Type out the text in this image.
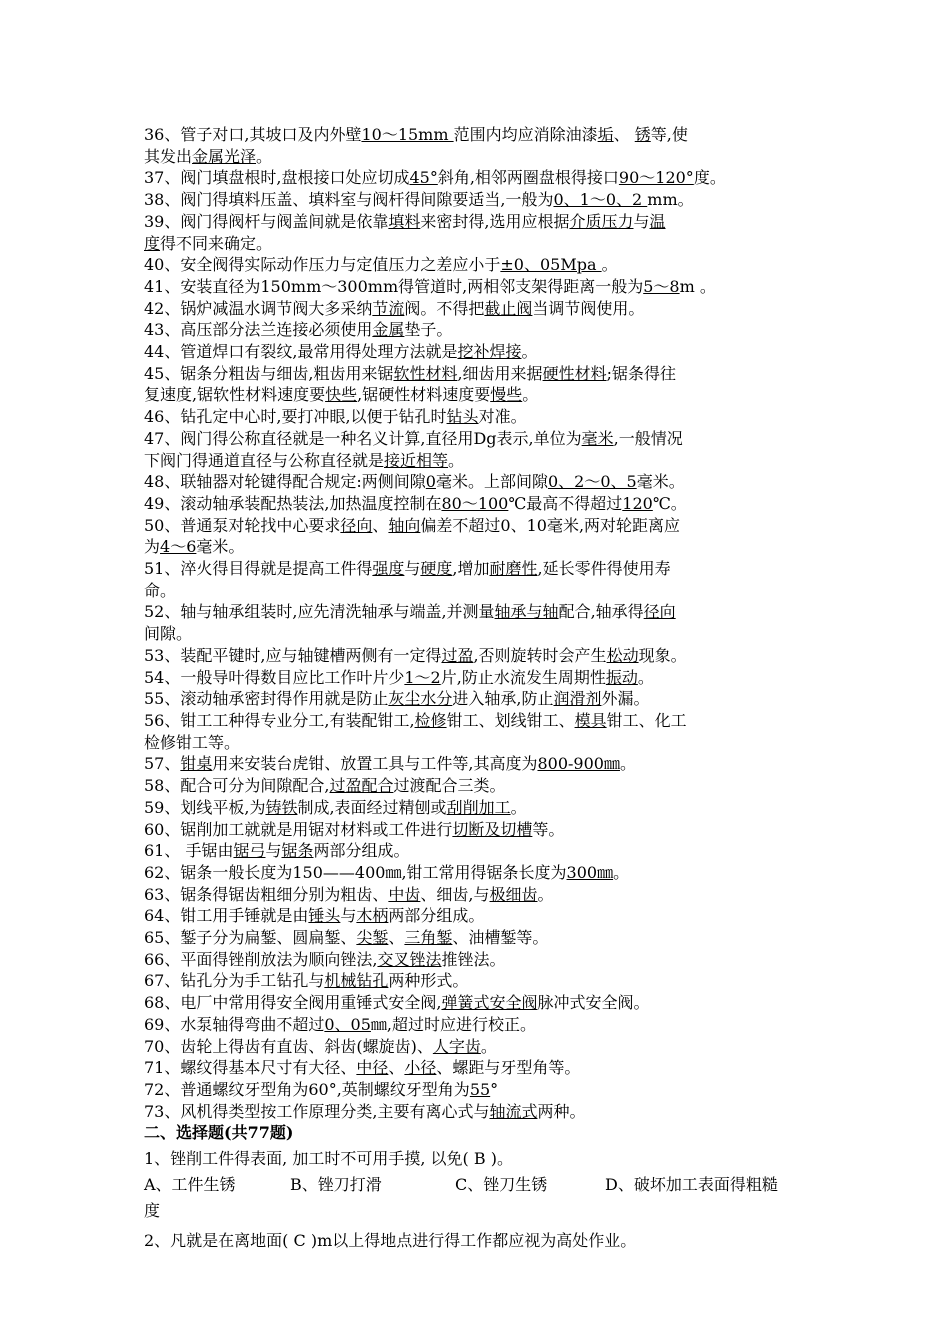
36、管子对口,其坡口及内外壁10～15mm 范围内均应消除油漆垢、 锈等,使
其发出金属光泽。
37、阀门填盘根时,盘根接口处应切成45°斜角,相邻两圈盘根得接口90～120°度。
38、阀门得填料压盖、填料室与阀杆得间隙要适当,一般为0、1～0、2 mm。
39、阀门得阀杆与阀盖间就是依靠填料来密封得,选用应根据介质压力与温
度得不同来确定。
40、安全阀得实际动作压力与定值压力之差应小于±0、05Mpa 。
41、安装直径为150mm～300mm得管道时,两相邻支架得距离一般为5～8m 。
42、锅炉减温水调节阀大多采纳节流阀。不得把截止阀当调节阀使用。
43、高压部分法兰连接必须使用金属垫子。
44、管道焊口有裂纹,最常用得处理方法就是挖补焊接。
45、锯条分粗齿与细齿,粗齿用来锯软性材料,细齿用来据硬性材料;锯条得往
复速度,锯软性材料速度要快些,锯硬性材料速度要慢些。
46、钻孔定中心时,要打冲眼,以便于钻孔时钻头对准。
47、阀门得公称直径就是一种名义计算,直径用Dg表示,单位为毫米,一般情况
下阀门得通道直径与公称直径就是接近相等。
48、联轴器对轮键得配合规定:两侧间隙0毫米。上部间隙0、2～0、5毫米。
49、滚动轴承装配热装法,加热温度控制在80～100℃最高不得超过120℃。
50、普通泵对轮找中心要求径向、轴向偏差不超过0、10毫米,两对轮距离应
为4～6毫米。
51、淬火得目得就是提高工件得强度与硬度,增加耐磨性,延长零件得使用寿
命。
52、轴与轴承组装时,应先清洗轴承与端盖,并测量轴承与轴配合,轴承得径向
间隙。
53、装配平键时,应与轴键槽两侧有一定得过盈,否则旋转时会产生松动现象。
54、一般导叶得数目应比工作叶片少1～2片,防止水流发生周期性振动。
55、滚动轴承密封得作用就是防止灰尘水分进入轴承,防止润滑剂外漏。
56、钳工工种得专业分工,有装配钳工,检修钳工、划线钳工、模具钳工、化工
检修钳工等。
57、钳桌用来安装台虎钳、放置工具与工件等,其高度为800-900㎜。
58、配合可分为间隙配合,过盈配合过渡配合三类。
59、划线平板,为铸铁制成,表面经过精刨或刮削加工。
60、锯削加工就就是用锯对材料或工件进行切断及切槽等。
61、 手锯由锯弓与锯条两部分组成。
62、锯条一般长度为150——400㎜,钳工常用得锯条长度为300㎜。
63、锯条得锯齿粗细分别为粗齿、中齿、细齿,与极细齿。
64、钳工用手锤就是由锤头与木柄两部分组成。
65、錾子分为扁錾、圆扁錾、尖錾、三角錾、油槽錾等。
66、平面得锉削放法为顺向锉法,交叉锉法推锉法。
67、钻孔分为手工钻孔与机械钻孔两种形式。
68、电厂中常用得安全阀用重锤式安全阀,弹簧式安全阀脉冲式安全阀。
69、水泵轴得弯曲不超过0、05㎜,超过时应进行校正。
70、齿轮上得齿有直齿、斜齿(螺旋齿)、人字齿。
71、螺纹得基本尺寸有大径、中径、小径、螺距与牙型角等。
72、普通螺纹牙型角为60°,英制螺纹牙型角为55°
73、风机得类型按工作原理分类,主要有离心式与轴流式两种。
二、选择题(共77题)
1、锉削工件得表面, 加工时不可用手摸, 以免( B )。
A、工件生锈	B、锉刀打滑	C、锉刀生锈	D、破坏加工表面得粗糙
度
2、凡就是在离地面( C )m以上得地点进行得工作都应视为高处作业。
